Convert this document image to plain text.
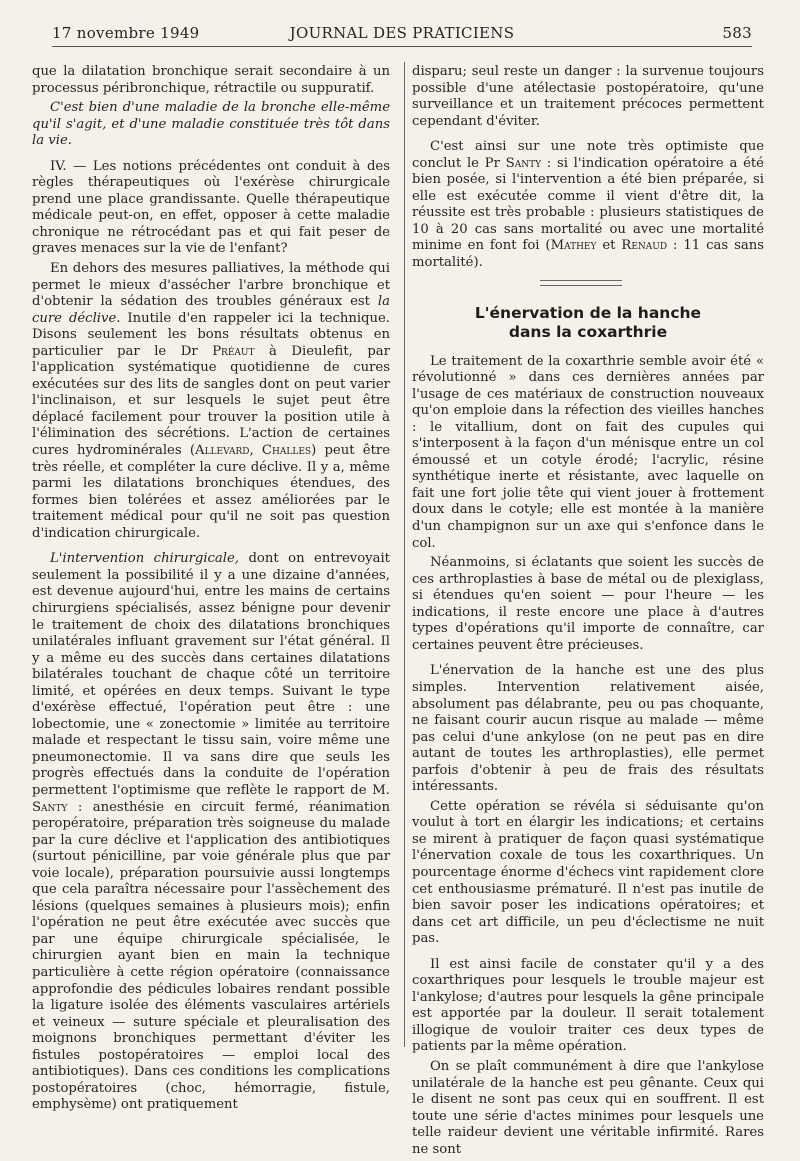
17 novembre 1949	JOURNAL DES PRATICIENS	583

que la dilatation bronchique serait secondaire à un processus péribronchique, rétractile ou suppuratif.

C'est bien d'une maladie de la bronche elle-même qu'il s'agit, et d'une maladie constituée très tôt dans la vie.

IV. — Les notions précédentes ont conduit à des règles thérapeutiques où l'exérèse chirurgicale prend une place grandissante. Quelle thérapeutique médicale peut-on, en effet, opposer à cette maladie chronique ne rétrocédant pas et qui fait peser de graves menaces sur la vie de l'enfant?

En dehors des mesures palliatives, la méthode qui permet le mieux d'assécher l'arbre bronchique et d'obtenir la sédation des troubles généraux est la cure déclive. Inutile d'en rappeler ici la technique. Disons seulement les bons résultats obtenus en particulier par le Dr Préaut à Dieulefit, par l'application systématique quotidienne de cures exécutées sur des lits de sangles dont on peut varier l'inclinaison, et sur lesquels le sujet peut être déplacé facilement pour trouver la position utile à l'élimination des sécrétions. L'action de certaines cures hydrominérales (Allevard, Challes) peut être très réelle, et compléter la cure déclive. Il y a, même parmi les dilatations bronchiques étendues, des formes bien tolérées et assez améliorées par le traitement médical pour qu'il ne soit pas question d'indication chirurgicale.

L'intervention chirurgicale, dont on entrevoyait seulement la possibilité il y a une dizaine d'années, est devenue aujourd'hui, entre les mains de certains chirurgiens spécialisés, assez bénigne pour devenir le traitement de choix des dilatations bronchiques unilatérales influant gravement sur l'état général. Il y a même eu des succès dans certaines dilatations bilatérales touchant de chaque côté un territoire limité, et opérées en deux temps. Suivant le type d'exérèse effectué, l'opération peut être : une lobectomie, une « zonectomie » limitée au territoire malade et respectant le tissu sain, voire même une pneumonectomie. Il va sans dire que seuls les progrès effectués dans la conduite de l'opération permettent l'optimisme que reflète le rapport de M. Santy : anesthésie en circuit fermé, réanimation peropératoire, préparation très soigneuse du malade par la cure déclive et l'application des antibiotiques (surtout pénicilline, par voie générale plus que par voie locale), préparation poursuivie aussi longtemps que cela paraîtra nécessaire pour l'assèchement des lésions (quelques semaines à plusieurs mois); enfin l'opération ne peut être exécutée avec succès que par une équipe chirurgicale spécialisée, le chirurgien ayant bien en main la technique particulière à cette région opératoire (connaissance approfondie des pédicules lobaires rendant possible la ligature isolée des éléments vasculaires artériels et veineux — suture spéciale et pleuralisation des moignons bronchiques permettant d'éviter les fistules postopératoires — emploi local des antibiotiques). Dans ces conditions les complications postopératoires (choc, hémorragie, fistule, emphysème) ont pratiquement

disparu; seul reste un danger : la survenue toujours possible d'une atélectasie postopératoire, qu'une surveillance et un traitement précoces permettent cependant d'éviter.

C'est ainsi sur une note très optimiste que conclut le Pr Santy : si l'indication opératoire a été bien posée, si l'intervention a été bien préparée, si elle est exécutée comme il vient d'être dit, la réussite est très probable : plusieurs statistiques de 10 à 20 cas sans mortalité ou avec une mortalité minime en font foi (Mathey et Renaud : 11 cas sans mortalité).

L'énervation de la hanche
dans la coxarthrie

Le traitement de la coxarthrie semble avoir été « révolutionné » dans ces dernières années par l'usage de ces matériaux de construction nouveaux qu'on emploie dans la réfection des vieilles hanches : le vitallium, dont on fait des cupules qui s'interposent à la façon d'un ménisque entre un col émoussé et un cotyle érodé; l'acrylic, résine synthétique inerte et résistante, avec laquelle on fait une fort jolie tête qui vient jouer à frottement doux dans le cotyle; elle est montée à la manière d'un champignon sur un axe qui s'enfonce dans le col.

Néanmoins, si éclatants que soient les succès de ces arthroplasties à base de métal ou de plexiglass, si étendues qu'en soient — pour l'heure — les indications, il reste encore une place à d'autres types d'opérations qu'il importe de connaître, car certaines peuvent être précieuses.

L'énervation de la hanche est une des plus simples. Intervention relativement aisée, absolument pas délabrante, peu ou pas choquante, ne faisant courir aucun risque au malade — même pas celui d'une ankylose (on ne peut pas en dire autant de toutes les arthroplasties), elle permet parfois d'obtenir à peu de frais des résultats intéressants.

Cette opération se révéla si séduisante qu'on voulut à tort en élargir les indications; et certains se mirent à pratiquer de façon quasi systématique l'énervation coxale de tous les coxarthriques. Un pourcentage énorme d'échecs vint rapidement clore cet enthousiasme prématuré. Il n'est pas inutile de bien savoir poser les indications opératoires; et dans cet art difficile, un peu d'éclectisme ne nuit pas.

Il est ainsi facile de constater qu'il y a des coxarthriques pour lesquels le trouble majeur est l'ankylose; d'autres pour lesquels la gêne principale est apportée par la douleur. Il serait totalement illogique de vouloir traiter ces deux types de patients par la même opération.

On se plaît communément à dire que l'ankylose unilatérale de la hanche est peu gênante. Ceux qui le disent ne sont pas ceux qui en souffrent. Il est toute une série d'actes minimes pour lesquels une telle raideur devient une véritable infirmité. Rares ne sont
